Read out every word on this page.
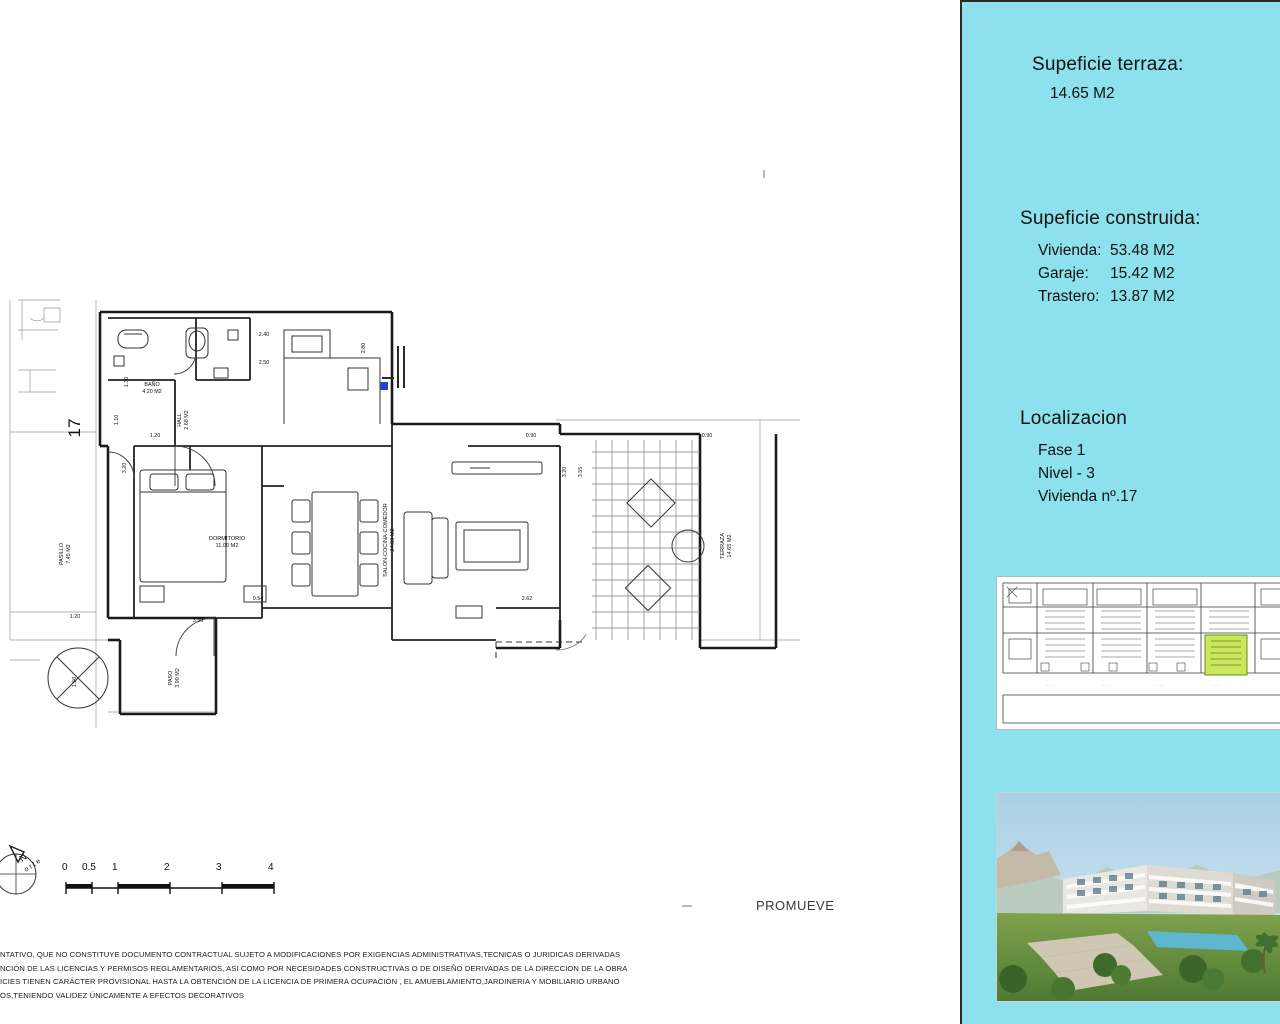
BAÑO
4.20 M2
HALL 2.68 M2
DORMITORIO
11.00 M2	SALON-COCINA-COMEDOR 24.50 M2	TERRAZA 14.65 M2
PASILLO 7.45 M2
PASO 3.90 M2
2.40
2.50
2.80
1.30
1.10
1.20
3.20
0.90	0.90
3.20 3.55
0.54	2.62
1.20
3.50
1.50
17
N
o r t e 0 0.5 1	2	3	4
PROMUEVE
NTATIVO, QUE NO CONSTITUYE DOCUMENTO CONTRACTUAL SUJETO A MODIFICACIONES POR EXIGENCIAS ADMINISTRATIVAS,TECNICAS O JURIDICAS DERIVADAS
NCIÓN DE LAS LICENCIAS Y PERMISOS REGLAMENTARIOS, ASI COMO POR NECESIDADES CONSTRUCTIVAS O DE DISEÑO DERIVADAS DE LA DIRECCION DE LA OBRA
ICIES TIENEN CARÁCTER PROVISIONAL HASTA LA OBTENCIÓN DE LA LICENCIA DE PRIMERA OCUPACIÓN , EL AMUEBLAMIENTO,JARDINERIA Y MOBILIARIO URBANO
OS,TENIENDO VALIDEZ ÚNICAMENTE A EFECTOS DECORATIVOS
Supeficie terraza:
14.65 M2
Supeficie construida:
Vivienda: 53.48 M2
Garaje:	15.42 M2
Trastero: 13.87 M2
Localizacion
Fase 1
Nivel - 3
Vivienda nº.17
· · ·	· · ·	· · ·	· · ·
